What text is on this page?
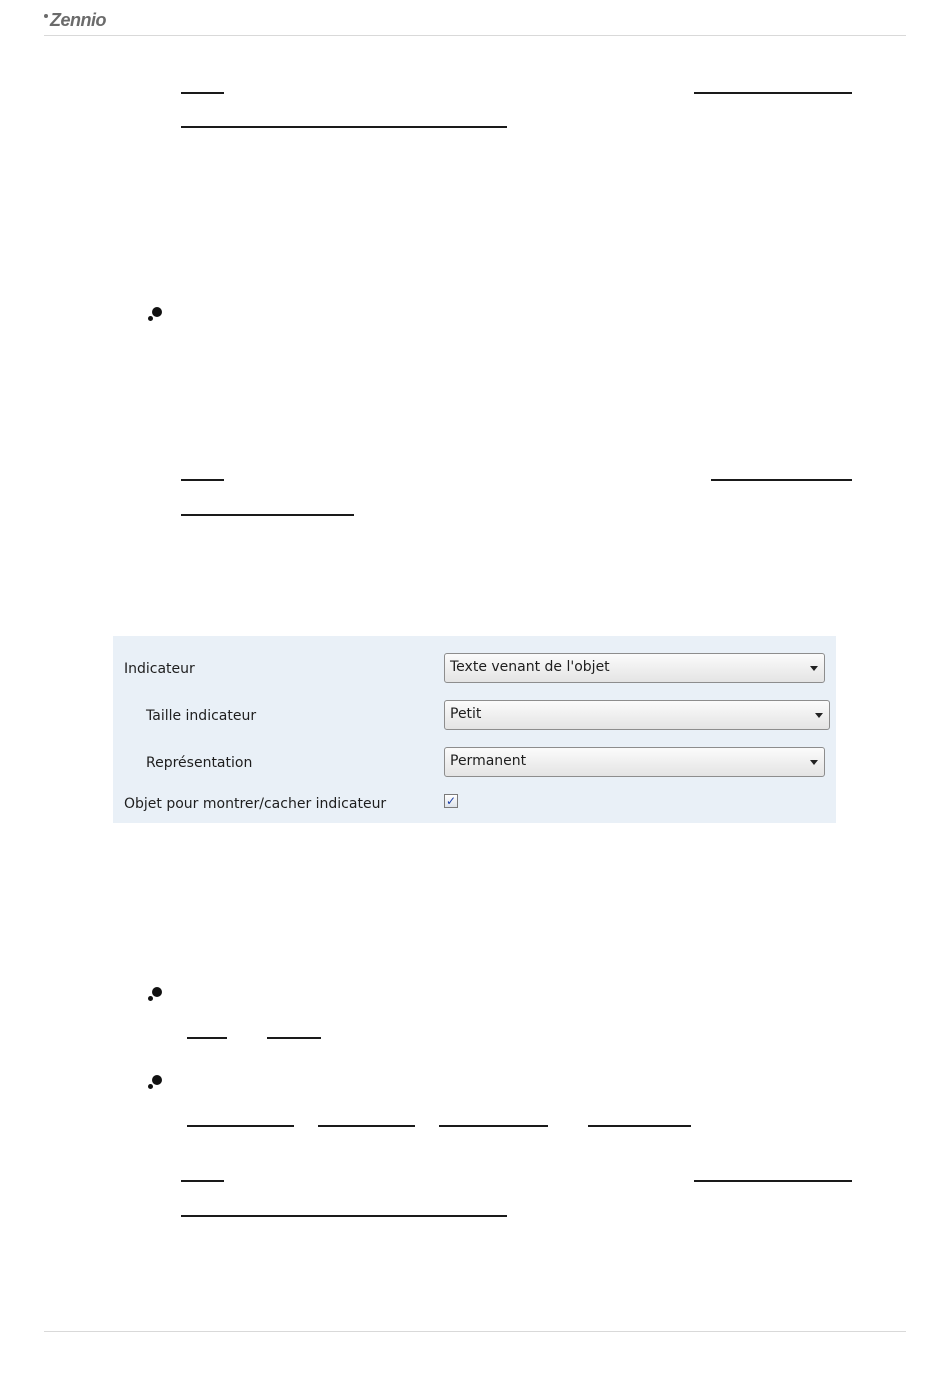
Zennio
Indicateur	Texte venant de l'objet
Taille indicateur	Petit
Représentation	Permanent
Objet pour montrer/cacher indicateur	✓
